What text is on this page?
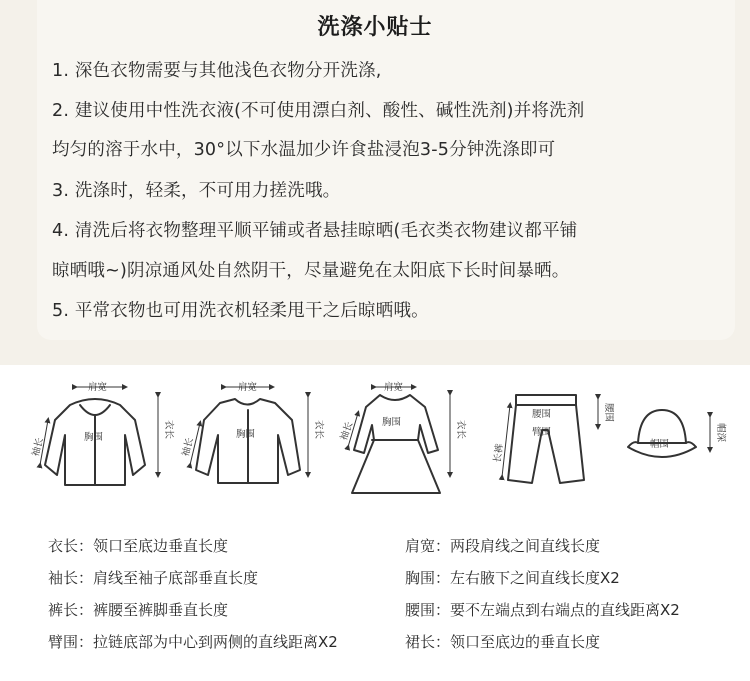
洗涤小贴士
1. 深色衣物需要与其他浅色衣物分开洗涤,
2. 建议使用中性洗衣液(不可使用漂白剂、酸性、碱性洗剂)并将洗剂
均匀的溶于水中，30°以下水温加少许食盐浸泡3-5分钟洗涤即可
3. 洗涤时，轻柔，不可用力搓洗哦。
4. 清洗后将衣物整理平顺平铺或者悬挂晾晒(毛衣类衣物建议都平铺
晾晒哦~)阴凉通风处自然阴干，尽量避免在太阳底下长时间暴晒。
5. 平常衣物也可用洗衣机轻柔甩干之后晾晒哦。
肩宽	肩宽	肩宽
胸围	胸围
胸围
腰围
臂围
帽围
衣长	衣长	衣长
腰围
帽深
袖长	袖长
袖长
长裤
衣长：领口至底边垂直长度	肩宽：两段肩线之间直线长度
袖长：肩线至袖子底部垂直长度	胸围：左右腋下之间直线长度X2
裤长：裤腰至裤脚垂直长度	腰围：要不左端点到右端点的直线距离X2
臂围：拉链底部为中心到两侧的直线距离X2	裙长：领口至底边的垂直长度
